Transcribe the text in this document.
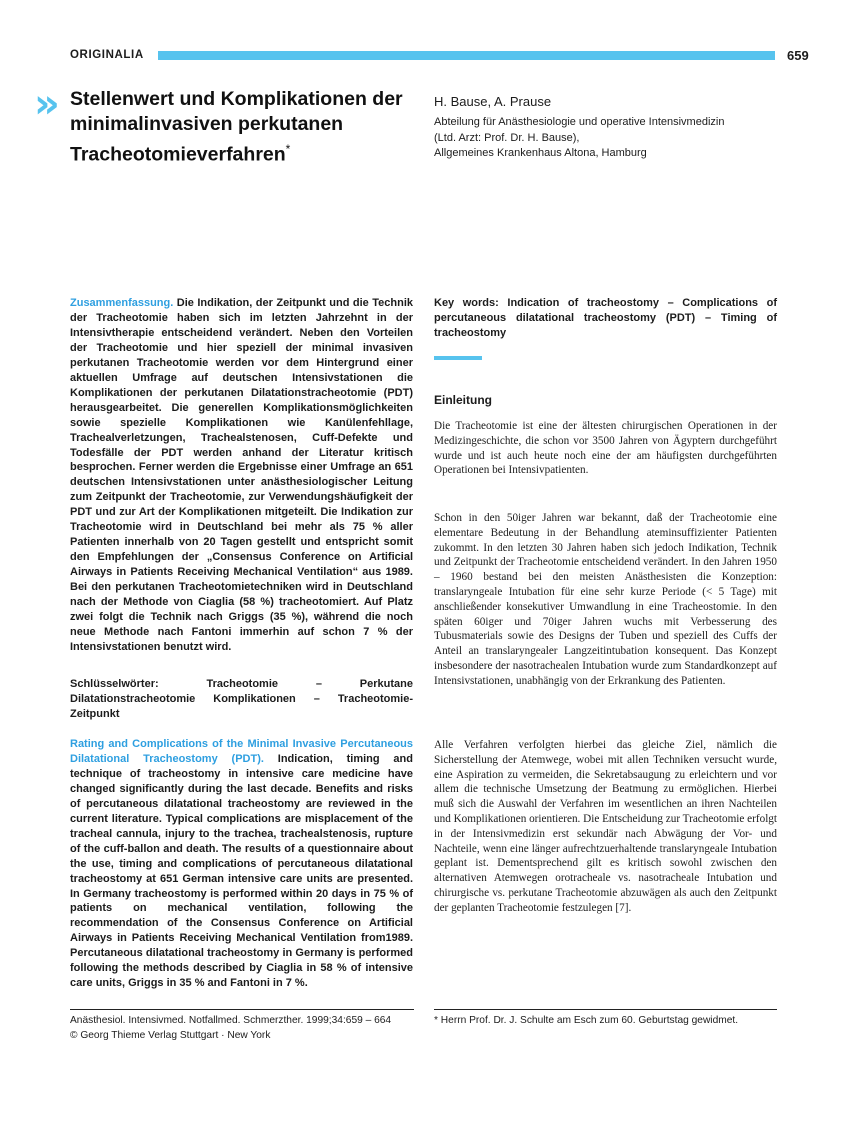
ORIGINALIA	659
» Stellenwert und Komplikationen der minimalinvasiven perkutanen Tracheotomieverfahren*
H. Bause, A. Prause
Abteilung für Anästhesiologie und operative Intensivmedizin
(Ltd. Arzt: Prof. Dr. H. Bause),
Allgemeines Krankenhaus Altona, Hamburg

Zusammenfassung. Die Indikation, der Zeitpunkt und die Technik der Tracheotomie haben sich im letzten Jahrzehnt in der Intensivtherapie entscheidend verändert. Neben den Vorteilen der Tracheotomie und hier speziell der minimal invasiven perkutanen Tracheotomie werden vor dem Hintergrund einer aktuellen Umfrage auf deutschen Intensivstationen die Komplikationen der perkutanen Dilatationstracheotomie (PDT) herausgearbeitet. Die generellen Komplikationsmöglichkeiten sowie spezielle Komplikationen wie Kanülenfehllage, Trachealverletzungen, Trachealstenosen, Cuff-Defekte und Todesfälle der PDT werden anhand der Literatur kritisch besprochen. Ferner werden die Ergebnisse einer Umfrage an 651 deutschen Intensivstationen unter anästhesiologischer Leitung zum Zeitpunkt der Tracheotomie, zur Verwendungshäufigkeit der PDT und zur Art der Komplikationen mitgeteilt. Die Indikation zur Tracheotomie wird in Deutschland bei mehr als 75 % aller Patienten innerhalb von 20 Tagen gestellt und entspricht somit den Empfehlungen der „Consensus Conference on Artificial Airways in Patients Receiving Mechanical Ventilation“ aus 1989. Bei den perkutanen Tracheotomietechniken wird in Deutschland nach der Methode von Ciaglia (58 %) tracheotomiert. Auf Platz zwei folgt die Technik nach Griggs (35 %), während die noch neue Methode nach Fantoni immerhin auf schon 7 % der Intensivstationen benutzt wird.

Schlüsselwörter:	Tracheotomie – Perkutane Dilatationstracheotomie Komplikationen – Tracheotomie-Zeitpunkt

Rating and Complications of the Minimal Invasive Percutaneous Dilatational Tracheostomy (PDT). Indication, timing and technique of tracheostomy in intensive care medicine have changed significantly during the last decade. Benefits and risks of percutaneous dilatational tracheostomy are reviewed in the current literature. Typical complications are misplacement of the tracheal cannula, injury to the trachea, trachealstenosis, rupture of the cuff-ballon and death. The results of a questionnaire about the use, timing and complications of percutaneous dilatational tracheostomy at 651 German intensive care units are presented. In Germany tracheostomy is performed within 20 days in 75 % of patients on mechanical ventilation, following the recommendation of the Consensus Conference on Artificial Airways in Patients Receiving Mechanical Ventilation from1989. Percutaneous dilatational tracheostomy in Germany is performed following the methods described by Ciaglia in 58 % of intensive care units, Griggs in 35 % and Fantoni in 7 %.

Key words: Indication of tracheostomy – Complications of percutaneous dilatational tracheostomy (PDT) – Timing of tracheostomy

Einleitung

Die Tracheotomie ist eine der ältesten chirurgischen Operationen in der Medizingeschichte, die schon vor 3500 Jahren von Ägyptern durchgeführt wurde und ist auch heute noch eine der am häufigsten durchgeführten Operationen bei Intensivpatienten.

Schon in den 50iger Jahren war bekannt, daß der Tracheotomie eine elementare Bedeutung in der Behandlung ateminsuffizienter Patienten zukommt. In den letzten 30 Jahren haben sich jedoch Indikation, Technik und Zeitpunkt der Tracheotomie entscheidend verändert. In den Jahren 1950 – 1960 bestand bei den meisten Anästhesisten die Konzeption: translaryngeale Intubation für eine sehr kurze Periode (< 5 Tage) mit anschließender konsekutiver Umwandlung in eine Tracheostomie. In den späten 60iger und 70iger Jahren wuchs mit Verbesserung des Tubusmaterials sowie des Designs der Tuben und speziell des Cuffs der Anteil an translaryngealer Langzeitintubation konsequent. Das Konzept insbesondere der nasotrachealen Intubation wurde zum Standardkonzept auf Intensivstationen, unabhängig von der Erkrankung des Patienten.

Alle Verfahren verfolgten hierbei das gleiche Ziel, nämlich die Sicherstellung der Atemwege, wobei mit allen Techniken versucht wurde, eine Aspiration zu vermeiden, die Sekretabsaugung zu erleichtern und vor allem die technische Umsetzung der Beatmung zu ermöglichen. Hierbei muß sich die Auswahl der Verfahren im wesentlichen an ihren Nachteilen und Komplikationen orientieren. Die Entscheidung zur Tracheotomie erfolgt in der Intensivmedizin erst sekundär nach Abwägung der Vor- und Nachteile, wenn eine länger aufrechtzuerhaltende translaryngeale Intubation geplant ist. Dementsprechend gilt es kritisch sowohl zwischen den alternativen Atemwegen orotracheale vs. nasotracheale Intubation und chirurgische vs. perkutane Tracheotomie abzuwägen als auch den Zeitpunkt der geplanten Tracheotomie festzulegen [7].

Anästhesiol. Intensivmed. Notfallmed. Schmerzther. 1999;34:659 – 664
© Georg Thieme Verlag Stuttgart · New York
* Herrn Prof. Dr. J. Schulte am Esch zum 60. Geburtstag gewidmet.
